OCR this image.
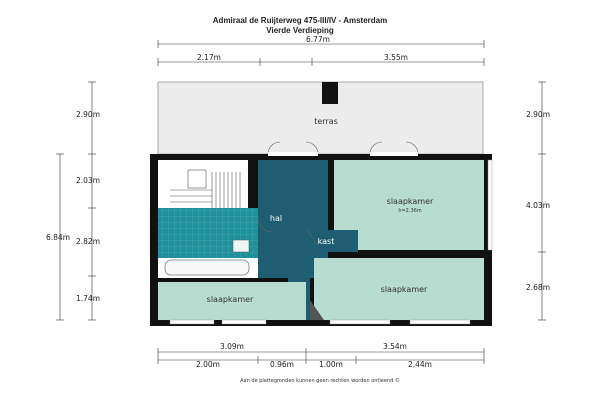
Admiraal de Ruijterweg 475-III/IV - Amsterdam
Vierde Verdieping
terras
slaapkamer
h=2.36m
hal
kast
slaapkamer
slaapkamer
6.77m
2.17m	3.55m
2.90m
2.03m
2.82m
1.74m
6.84m
2.90m
4.03m
2.68m
3.09m	3.54m
2.00m	0.96m	1.00m	2.44m
Aan de plattegronden kunnen geen rechten worden ontleend ©
